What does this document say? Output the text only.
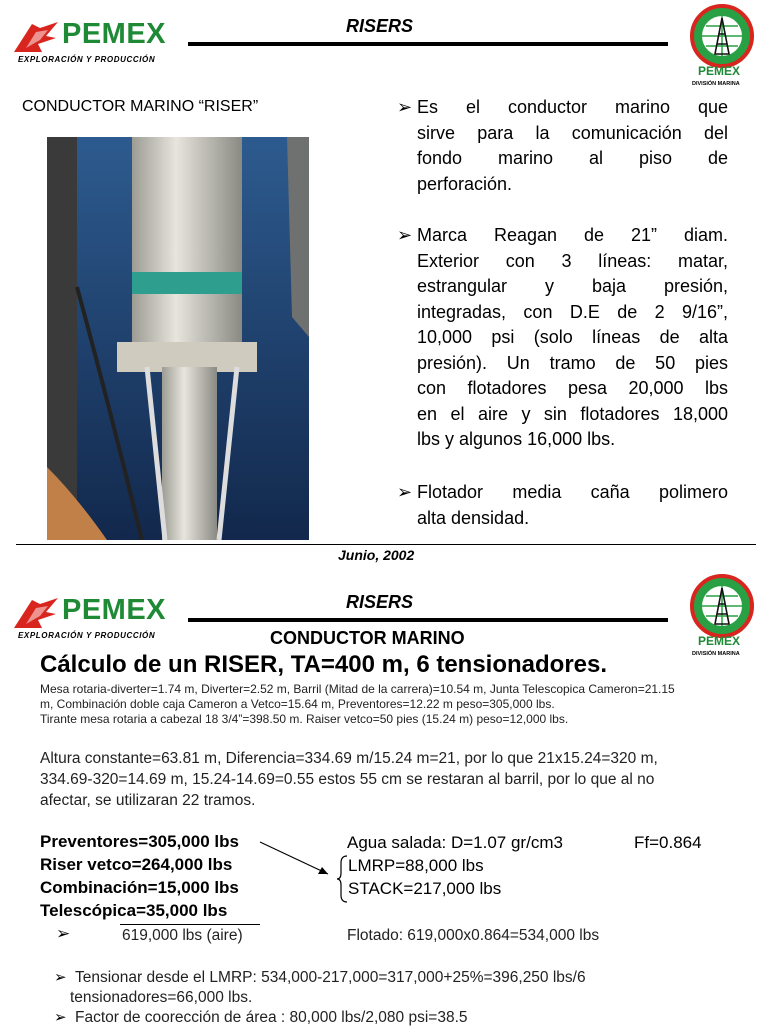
PEMEX
EXPLORACIÓN Y PRODUCCIÓN
RISERS
PEMEX
DIVISIÓN MARINA
CONDUCTOR MARINO “RISER”	➢ Es el conductor marino que
sirve para la comunicación del
fondo marino al piso de
perforación.
➢ Marca Reagan de 21” diam.
Exterior con 3 líneas: matar,
estrangular y baja presión,
integradas, con D.E de 2 9/16”,
10,000 psi (solo líneas de alta
presión). Un tramo de 50 pies
con flotadores pesa 20,000 lbs
en el aire y sin flotadores 18,000
lbs y algunos 16,000 lbs.
➢ Flotador media caña polimero
alta densidad.
Junio, 2002
PEMEX
EXPLORACIÓN Y PRODUCCIÓN
RISERS
PEMEX
DIVISIÓN MARINA
CONDUCTOR MARINO
Cálculo de un RISER, TA=400 m, 6 tensionadores.
Mesa rotaria-diverter=1.74 m, Diverter=2.52 m, Barril (Mitad de la carrera)=10.54 m, Junta Telescopica Cameron=21.15
m, Combinación doble caja Cameron a Vetco=15.64 m, Preventores=12.22 m peso=305,000 lbs.
Tirante mesa rotaria a cabezal 18 3/4”=398.50 m. Raiser vetco=50 pies (15.24 m) peso=12,000 lbs.
Altura constante=63.81 m, Diferencia=334.69 m/15.24 m=21, por lo que 21x15.24=320 m,
334.69-320=14.69 m, 15.24-14.69=0.55 estos 55 cm se restaran al barril, por lo que al no
afectar, se utilizaran 22 tramos.
Preventores=305,000 lbs
Riser vetco=264,000 lbs
Combinación=15,000 lbs
Telescópica=35,000 lbs
Agua salada: D=1.07 gr/cm3	Ff=0.864
LMRP=88,000 lbs
STACK=217,000 lbs
➢	619,000 lbs (aire)	Flotado: 619,000x0.864=534,000 lbs
➢ Tensionar desde el LMRP: 534,000-217,000=317,000+25%=396,250 lbs/6
tensionadores=66,000 lbs.
➢ Factor de coorección de área : 80,000 lbs/2,080 psi=38.5
